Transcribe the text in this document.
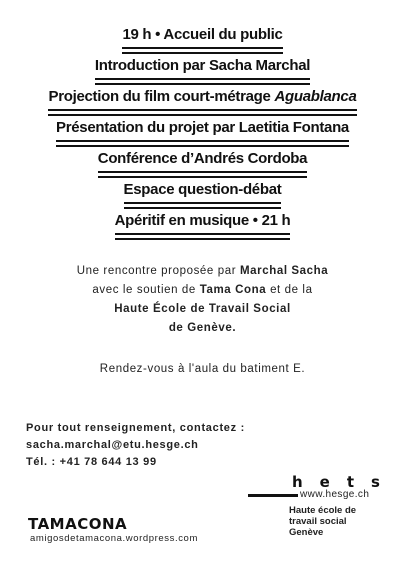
19 h • Accueil du public
Introduction par Sacha Marchal
Projection du film court-métrage Aguablanca
Présentation du projet par Laetitia Fontana
Conférence d’Andrés Cordoba
Espace question-débat
Apéritif en musique • 21 h
Une rencontre proposée par Marchal Sacha
avec le soutien de Tama Cona et de la
Haute École de Travail Social
de Genève.
Rendez-vous à l'aula du batiment E.
Pour tout renseignement, contactez :
sacha.marchal@etu.hesge.ch
Tél. : +41 78 644 13 99
TAMACONA
amigosdetamacona.wordpress.com
hets
www.hesge.ch
Haute école de
travail social
Genève
